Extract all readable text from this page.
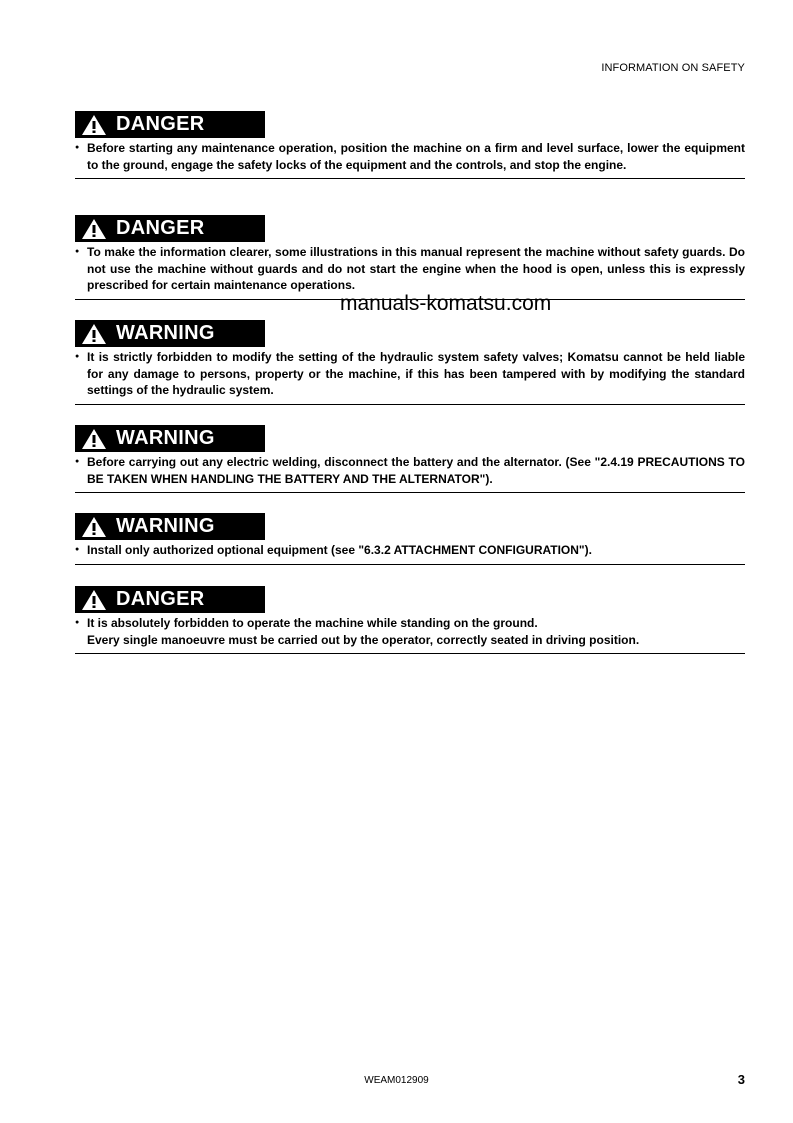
INFORMATION ON SAFETY
DANGER
● Before starting any maintenance operation, position the machine on a firm and level surface, lower the equipment to the ground, engage the safety locks of the equipment and the controls, and stop the engine.
DANGER
● To make the information clearer, some illustrations in this manual represent the machine without safety guards. Do not use the machine without guards and do not start the engine when the hood is open, unless this is expressly prescribed for certain maintenance operations.
manuals-komatsu.com
WARNING
● It is strictly forbidden to modify the setting of the hydraulic system safety valves; Komatsu cannot be held liable for any damage to persons, property or the machine, if this has been tampered with by modifying the standard settings of the hydraulic system.
WARNING
● Before carrying out any electric welding, disconnect the battery and the alternator. (See "2.4.19 PRECAUTIONS TO BE TAKEN WHEN HANDLING THE BATTERY AND THE ALTERNATOR").
WARNING
● Install only authorized optional equipment (see "6.3.2 ATTACHMENT CONFIGURATION").
DANGER
● It is absolutely forbidden to operate the machine while standing on the ground.
Every single manoeuvre must be carried out by the operator, correctly seated in driving position.
WEAM012909	3
